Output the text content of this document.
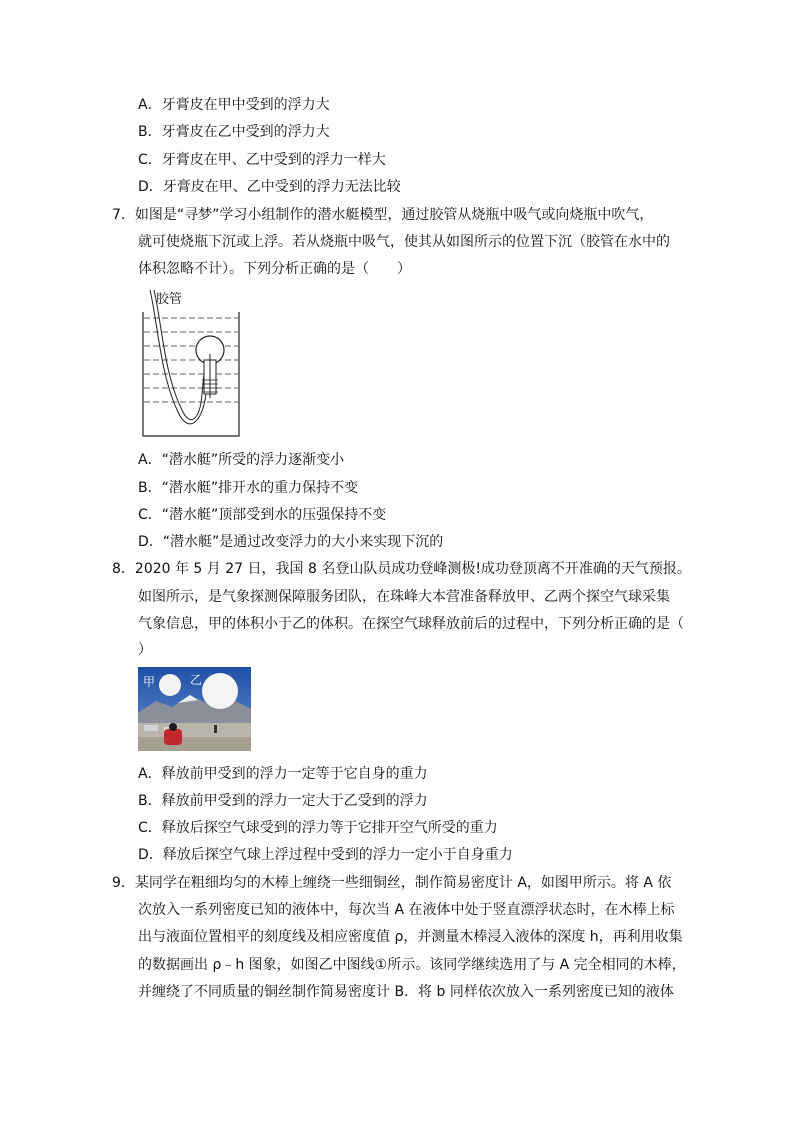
A．牙膏皮在甲中受到的浮力大
B．牙膏皮在乙中受到的浮力大
C．牙膏皮在甲、乙中受到的浮力一样大
D．牙膏皮在甲、乙中受到的浮力无法比较
7．如图是“寻梦”学习小组制作的潜水艇模型，通过胶管从烧瓶中吸气或向烧瓶中吹气，
就可使烧瓶下沉或上浮。若从烧瓶中吸气，使其从如图所示的位置下沉（胶管在水中的
体积忽略不计）。下列分析正确的是（　　）
胶管
A．“潜水艇”所受的浮力逐渐变小
B．“潜水艇”排开水的重力保持不变
C．“潜水艇”顶部受到水的压强保持不变
D．“潜水艇”是通过改变浮力的大小来实现下沉的
8．2020 年 5 月 27 日，我国 8 名登山队员成功登峰测极!成功登顶离不开准确的天气预报。
如图所示，是气象探测保障服务团队，在珠峰大本营准备释放甲、乙两个探空气球采集
气象信息，甲的体积小于乙的体积。在探空气球释放前后的过程中，下列分析正确的是（
）
甲	乙
A．释放前甲受到的浮力一定等于它自身的重力
B．释放前甲受到的浮力一定大于乙受到的浮力
C．释放后探空气球受到的浮力等于它排开空气所受的重力
D．释放后探空气球上浮过程中受到的浮力一定小于自身重力
9．某同学在粗细均匀的木棒上缠绕一些细铜丝，制作简易密度计 A，如图甲所示。将 A 依
次放入一系列密度已知的液体中，每次当 A 在液体中处于竖直漂浮状态时，在木棒上标
出与液面位置相平的刻度线及相应密度值 ρ，并测量木棒浸入液体的深度 h，再利用收集
的数据画出 ρ﹣h 图象，如图乙中图线①所示。该同学继续选用了与 A 完全相同的木棒，
并缠绕了不同质量的铜丝制作简易密度计 B．将 b 同样依次放入一系列密度已知的液体
